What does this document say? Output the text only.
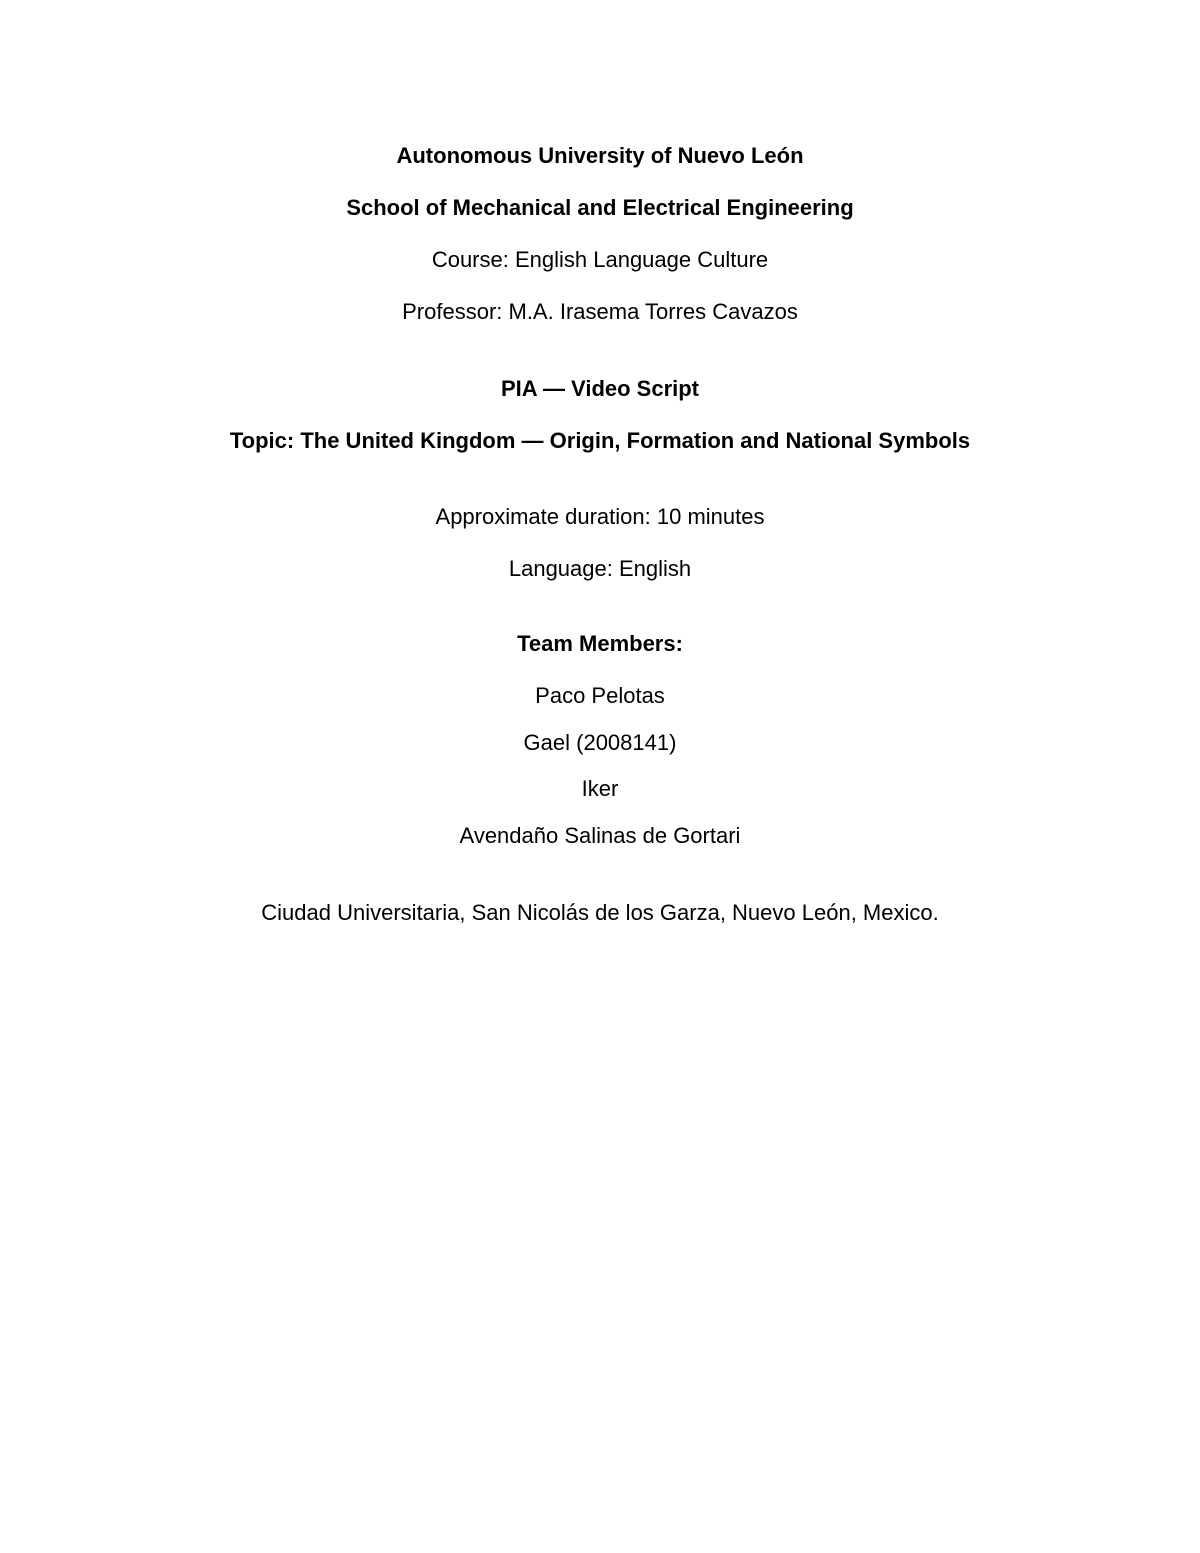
Autonomous University of Nuevo León
School of Mechanical and Electrical Engineering
Course: English Language Culture
Professor: M.A. Irasema Torres Cavazos
PIA — Video Script
Topic: The United Kingdom — Origin, Formation and National Symbols
Approximate duration: 10 minutes
Language: English
Team Members:
Paco Pelotas
Gael (2008141)
Iker
Avendaño Salinas de Gortari
Ciudad Universitaria, San Nicolás de los Garza, Nuevo León, Mexico.
